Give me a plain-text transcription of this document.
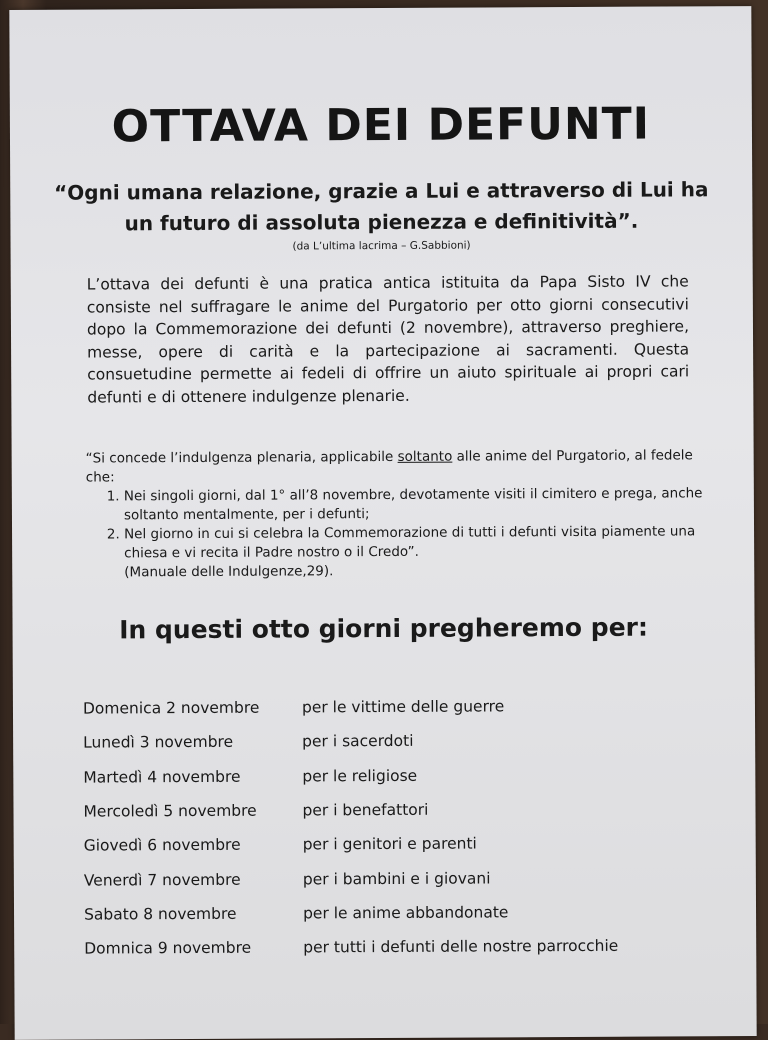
OTTAVA DEI DEFUNTI
“Ogni umana relazione, grazie a Lui e attraverso di Lui ha un futuro di assoluta pienezza e definitività”.
(da L’ultima lacrima – G.Sabbioni)
L’ottava dei defunti è una pratica antica istituita da Papa Sisto IV che consiste nel suffragare le anime del Purgatorio per otto giorni consecutivi dopo la Commemorazione dei defunti (2 novembre), attraverso preghiere, messe, opere di carità e la partecipazione ai sacramenti. Questa consuetudine permette ai fedeli di offrire un aiuto spirituale ai propri cari defunti e di ottenere indulgenze plenarie.
“Si concede l’indulgenza plenaria, applicabile soltanto alle anime del Purgatorio, al fedele che:
1. Nei singoli giorni, dal 1° all’8 novembre, devotamente visiti il cimitero e prega, anche soltanto mentalmente, per i defunti;
2. Nel giorno in cui si celebra la Commemorazione di tutti i defunti visita piamente una chiesa e vi recita il Padre nostro o il Credo”.
(Manuale delle Indulgenze,29).
In questi otto giorni pregheremo per:
Domenica 2 novembre	per le vittime delle guerre
Lunedì 3 novembre	per i sacerdoti
Martedì 4 novembre	per le religiose
Mercoledì 5 novembre	per i benefattori
Giovedì 6 novembre	per i genitori e parenti
Venerdì 7 novembre	per i bambini e i giovani
Sabato 8 novembre	per le anime abbandonate
Domnica 9 novembre	per tutti i defunti delle nostre parrocchie
